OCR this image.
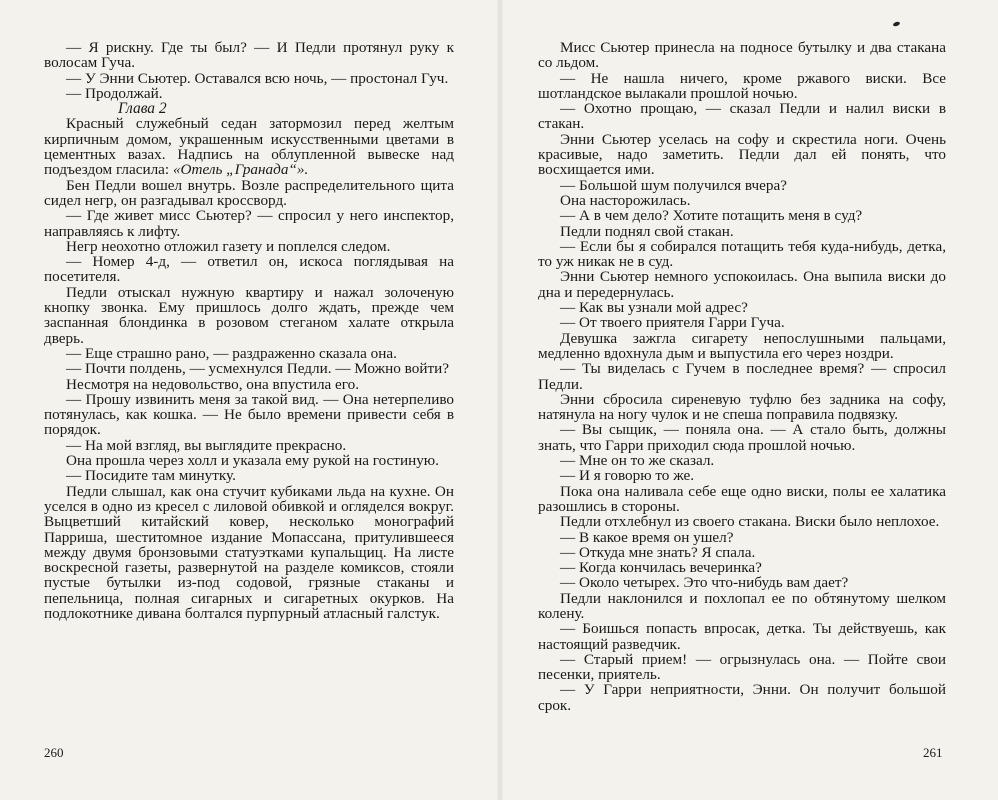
— Я рискну. Где ты был? — И Педли протянул руку к волосам Гуча.

— У Энни Сьютер. Оставался всю ночь, — простонал Гуч.

— Продолжай.

Глава 2

Красный служебный седан затормозил перед желтым кирпичным домом, украшенным искусственными цветами в цементных вазах. Надпись на облупленной вывеске над подъездом гласила: «Отель „Гранада“».

Бен Педли вошел внутрь. Возле распределительного щита сидел негр, он разгадывал кроссворд.

— Где живет мисс Сьютер? — спросил у него инспектор, направляясь к лифту.

Негр неохотно отложил газету и поплелся следом.

— Номер 4-д, — ответил он, искоса поглядывая на посетителя.

Педли отыскал нужную квартиру и нажал золоченую кнопку звонка. Ему пришлось долго ждать, прежде чем заспанная блондинка в розовом стеганом халате открыла дверь.

— Еще страшно рано, — раздраженно сказала она.

— Почти полдень, — усмехнулся Педли. — Можно войти?

Несмотря на недовольство, она впустила его.

— Прошу извинить меня за такой вид. — Она нетерпеливо потянулась, как кошка. — Не было времени привести себя в порядок.

— На мой взгляд, вы выглядите прекрасно.

Она прошла через холл и указала ему рукой на гостиную.

— Посидите там минутку.

Педли слышал, как она стучит кубиками льда на кухне. Он уселся в одно из кресел с лиловой обивкой и огляделся вокруг. Выцветший китайский ковер, несколько монографий Парриша, шеститомное издание Мопассана, притулившееся между двумя бронзовыми статуэтками купальщиц. На листе воскресной газеты, развернутой на разделе комиксов, стояли пустые бутылки из-под содовой, грязные стаканы и пепельница, полная сигарных и сигаретных окурков. На подлокотнике дивана болтался пурпурный атласный галстук.

Мисс Сьютер принесла на подносе бутылку и два стакана со льдом.

— Не нашла ничего, кроме ржавого виски. Все шотландское вылакали прошлой ночью.

— Охотно прощаю, — сказал Педли и налил виски в стакан.

Энни Сьютер уселась на софу и скрестила ноги. Очень красивые, надо заметить. Педли дал ей понять, что восхищается ими.

— Большой шум получился вчера?

Она насторожилась.

— А в чем дело? Хотите потащить меня в суд?

Педли поднял свой стакан.

— Если бы я собирался потащить тебя куда-нибудь, детка, то уж никак не в суд.

Энни Сьютер немного успокоилась. Она выпила виски до дна и передернулась.

— Как вы узнали мой адрес?

— От твоего приятеля Гарри Гуча.

Девушка зажгла сигарету непослушными пальцами, медленно вдохнула дым и выпустила его через ноздри.

— Ты виделась с Гучем в последнее время? — спросил Педли.

Энни сбросила сиреневую туфлю без задника на софу, натянула на ногу чулок и не спеша поправила подвязку.

— Вы сыщик, — поняла она. — А стало быть, должны знать, что Гарри приходил сюда прошлой ночью.

— Мне он то же сказал.

— И я говорю то же.

Пока она наливала себе еще одно виски, полы ее халатика разошлись в стороны.

Педли отхлебнул из своего стакана. Виски было неплохое.

— В какое время он ушел?

— Откуда мне знать? Я спала.

— Когда кончилась вечеринка?

— Около четырех. Это что-нибудь вам дает?

Педли наклонился и похлопал ее по обтянутому шелком колену.

— Боишься попасть впросак, детка. Ты действуешь, как настоящий разведчик.

— Старый прием! — огрызнулась она. — Пойте свои песенки, приятель.

— У Гарри неприятности, Энни. Он получит большой срок.

260	261
